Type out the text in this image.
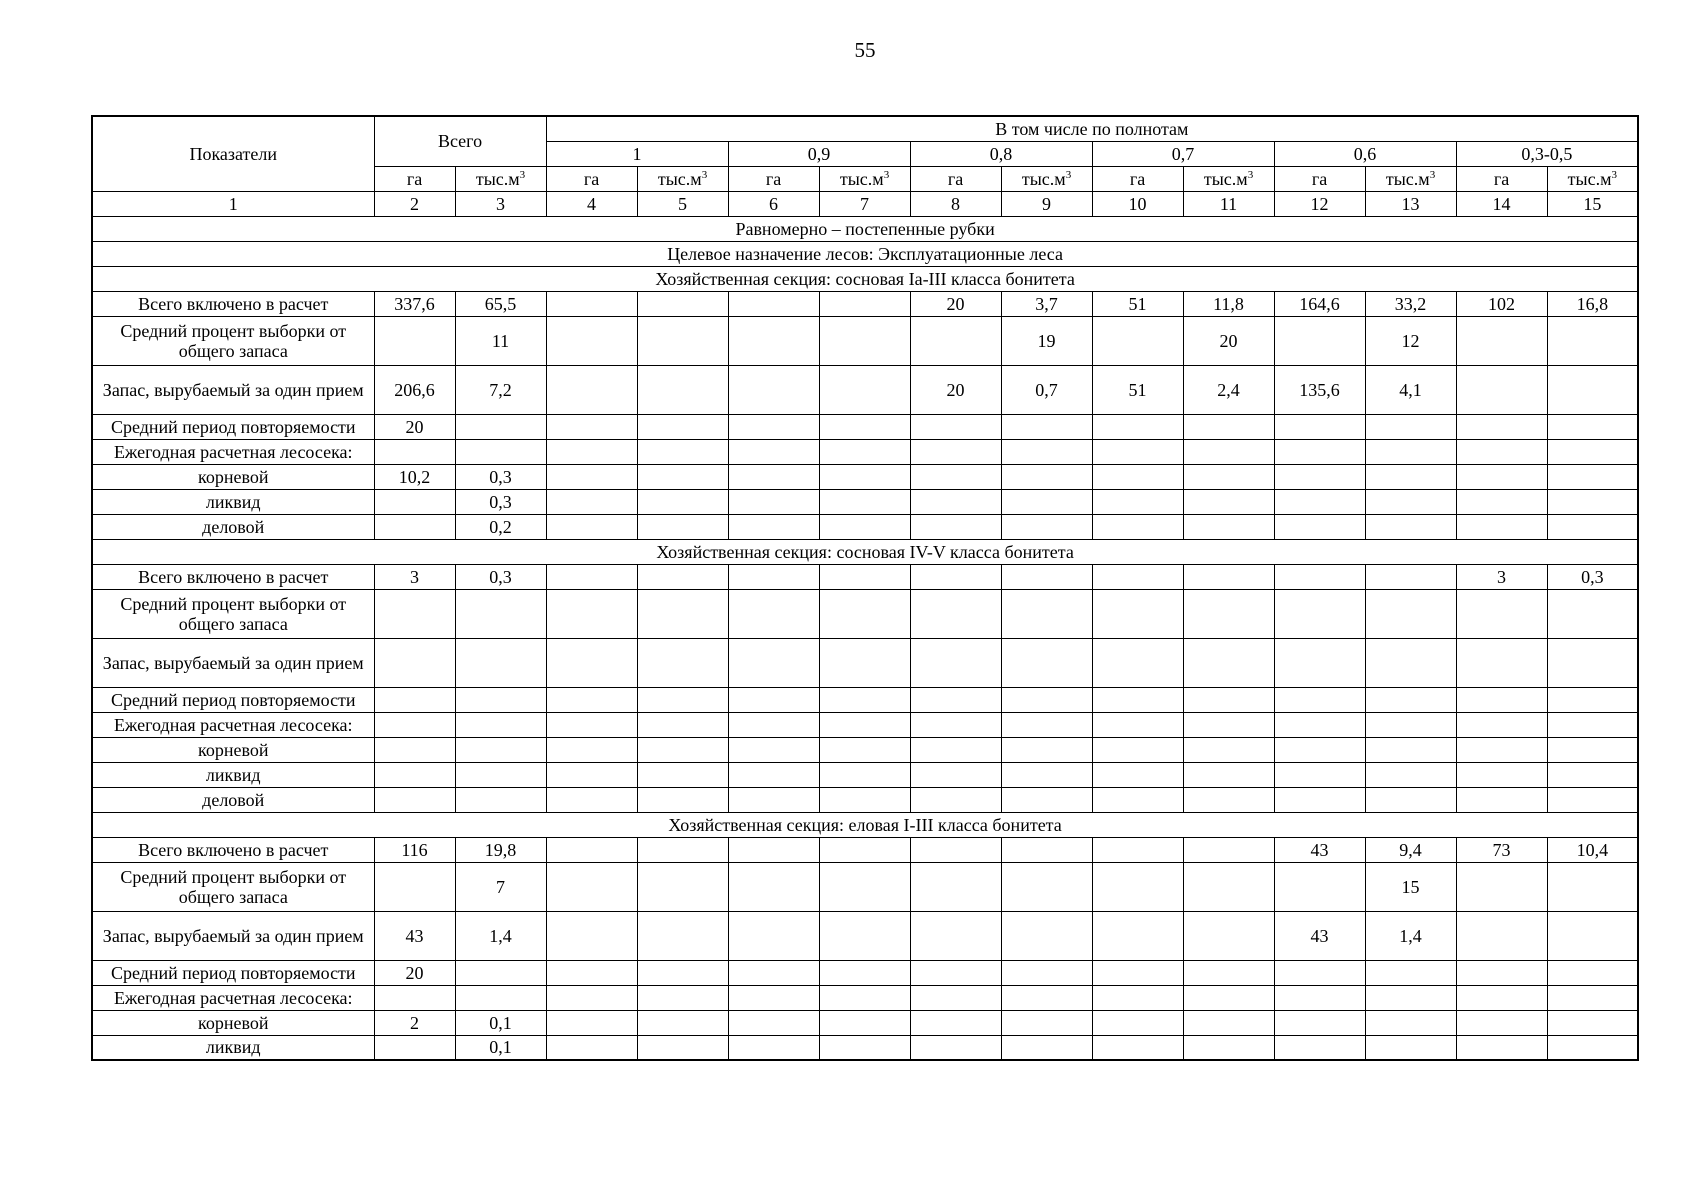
55
Показатели	Всего		В том числе по полнотам											
			1		0,9		0,8		0,7		0,6		0,3-0,5	
	га	$тыс.м^3$	га	$тыс.м^3$	га	$тыс.м^3$	га	$тыс.м^3$	га	$тыс.м^3$	га	$тыс.м^3$	га	$тыс.м^3$
1	2	3	4	5	6	7	8	9	10	11	12	13	14	15
Равномерно – постепенные рубки														
Целевое назначение лесов: Эксплуатационные леса														
Хозяйственная секция: сосновая Iа-III класса бонитета														
Всего включено в расчет	337,6	65,5					20	3,7	51	11,8	164,6	33,2	102	16,8
Средний процент выборки от общего запаса		11						19		20		12		
Запас, вырубаемый за один прием	206,6	7,2					20	0,7	51	2,4	135,6	4,1		
Средний период повторяемости	20													
Ежегодная расчетная лесосека:														
корневой	10,2	0,3												
ликвид		0,3												
деловой		0,2												
Хозяйственная секция: сосновая IV-V класса бонитета														
Всего включено в расчет	3	0,3											3	0,3
Средний процент выборки от общего запаса														
Запас, вырубаемый за один прием														
Средний период повторяемости														
Ежегодная расчетная лесосека:														
корневой														
ликвид														
деловой														
Хозяйственная секция: еловая I-III класса бонитета														
Всего включено в расчет	116	19,8									43	9,4	73	10,4
Средний процент выборки от общего запаса		7										15		
Запас, вырубаемый за один прием	43	1,4									43	1,4		
Средний период повторяемости	20													
Ежегодная расчетная лесосека:														
корневой	2	0,1												
ликвид		0,1												
